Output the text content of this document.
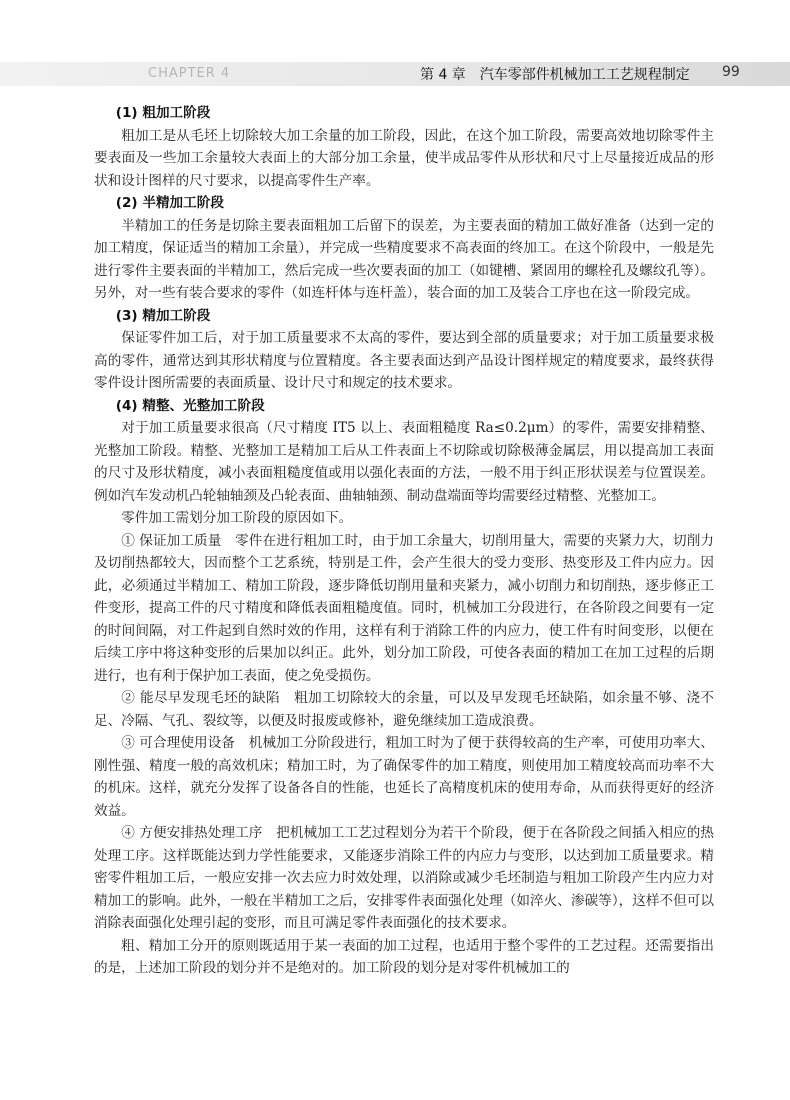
CHAPTER 4	第 4 章　汽车零部件机械加工工艺规程制定 99
(1) 粗加工阶段

粗加工是从毛坯上切除较大加工余量的加工阶段，因此，在这个加工阶段，需要高效地切除零件主要表面及一些加工余量较大表面上的大部分加工余量，使半成品零件从形状和尺寸上尽量接近成品的形状和设计图样的尺寸要求，以提高零件生产率。

(2) 半精加工阶段

半精加工的任务是切除主要表面粗加工后留下的误差，为主要表面的精加工做好准备（达到一定的加工精度，保证适当的精加工余量），并完成一些精度要求不高表面的终加工。在这个阶段中，一般是先进行零件主要表面的半精加工，然后完成一些次要表面的加工（如键槽、紧固用的螺栓孔及螺纹孔等）。另外，对一些有装合要求的零件（如连杆体与连杆盖），装合面的加工及装合工序也在这一阶段完成。

(3) 精加工阶段

保证零件加工后，对于加工质量要求不太高的零件，要达到全部的质量要求；对于加工质量要求极高的零件，通常达到其形状精度与位置精度。各主要表面达到产品设计图样规定的精度要求，最终获得零件设计图所需要的表面质量、设计尺寸和规定的技术要求。

(4) 精整、光整加工阶段

对于加工质量要求很高（尺寸精度 IT5 以上、表面粗糙度 Ra≤0.2μm）的零件，需要安排精整、光整加工阶段。精整、光整加工是精加工后从工件表面上不切除或切除极薄金属层，用以提高加工表面的尺寸及形状精度，减小表面粗糙度值或用以强化表面的方法，一般不用于纠正形状误差与位置误差。例如汽车发动机凸轮轴轴颈及凸轮表面、曲轴轴颈、制动盘端面等均需要经过精整、光整加工。

零件加工需划分加工阶段的原因如下。

① 保证加工质量　零件在进行粗加工时，由于加工余量大，切削用量大，需要的夹紧力大，切削力及切削热都较大，因而整个工艺系统，特别是工件，会产生很大的受力变形、热变形及工件内应力。因此，必须通过半精加工、精加工阶段，逐步降低切削用量和夹紧力，减小切削力和切削热，逐步修正工件变形，提高工件的尺寸精度和降低表面粗糙度值。同时，机械加工分段进行，在各阶段之间要有一定的时间间隔，对工件起到自然时效的作用，这样有利于消除工件的内应力，使工件有时间变形，以便在后续工序中将这种变形的后果加以纠正。此外，划分加工阶段，可使各表面的精加工在加工过程的后期进行，也有利于保护加工表面，使之免受损伤。

② 能尽早发现毛坯的缺陷　粗加工切除较大的余量，可以及早发现毛坯缺陷，如余量不够、浇不足、冷隔、气孔、裂纹等，以便及时报废或修补，避免继续加工造成浪费。

③ 可合理使用设备　机械加工分阶段进行，粗加工时为了便于获得较高的生产率，可使用功率大、刚性强、精度一般的高效机床；精加工时，为了确保零件的加工精度，则使用加工精度较高而功率不大的机床。这样，就充分发挥了设备各自的性能，也延长了高精度机床的使用寿命，从而获得更好的经济效益。

④ 方便安排热处理工序　把机械加工工艺过程划分为若干个阶段，便于在各阶段之间插入相应的热处理工序。这样既能达到力学性能要求，又能逐步消除工件的内应力与变形，以达到加工质量要求。精密零件粗加工后，一般应安排一次去应力时效处理，以消除或减少毛坯制造与粗加工阶段产生内应力对精加工的影响。此外，一般在半精加工之后，安排零件表面强化处理（如淬火、渗碳等），这样不但可以消除表面强化处理引起的变形，而且可满足零件表面强化的技术要求。

粗、精加工分开的原则既适用于某一表面的加工过程，也适用于整个零件的工艺过程。还需要指出的是，上述加工阶段的划分并不是绝对的。加工阶段的划分是对零件机械加工的
